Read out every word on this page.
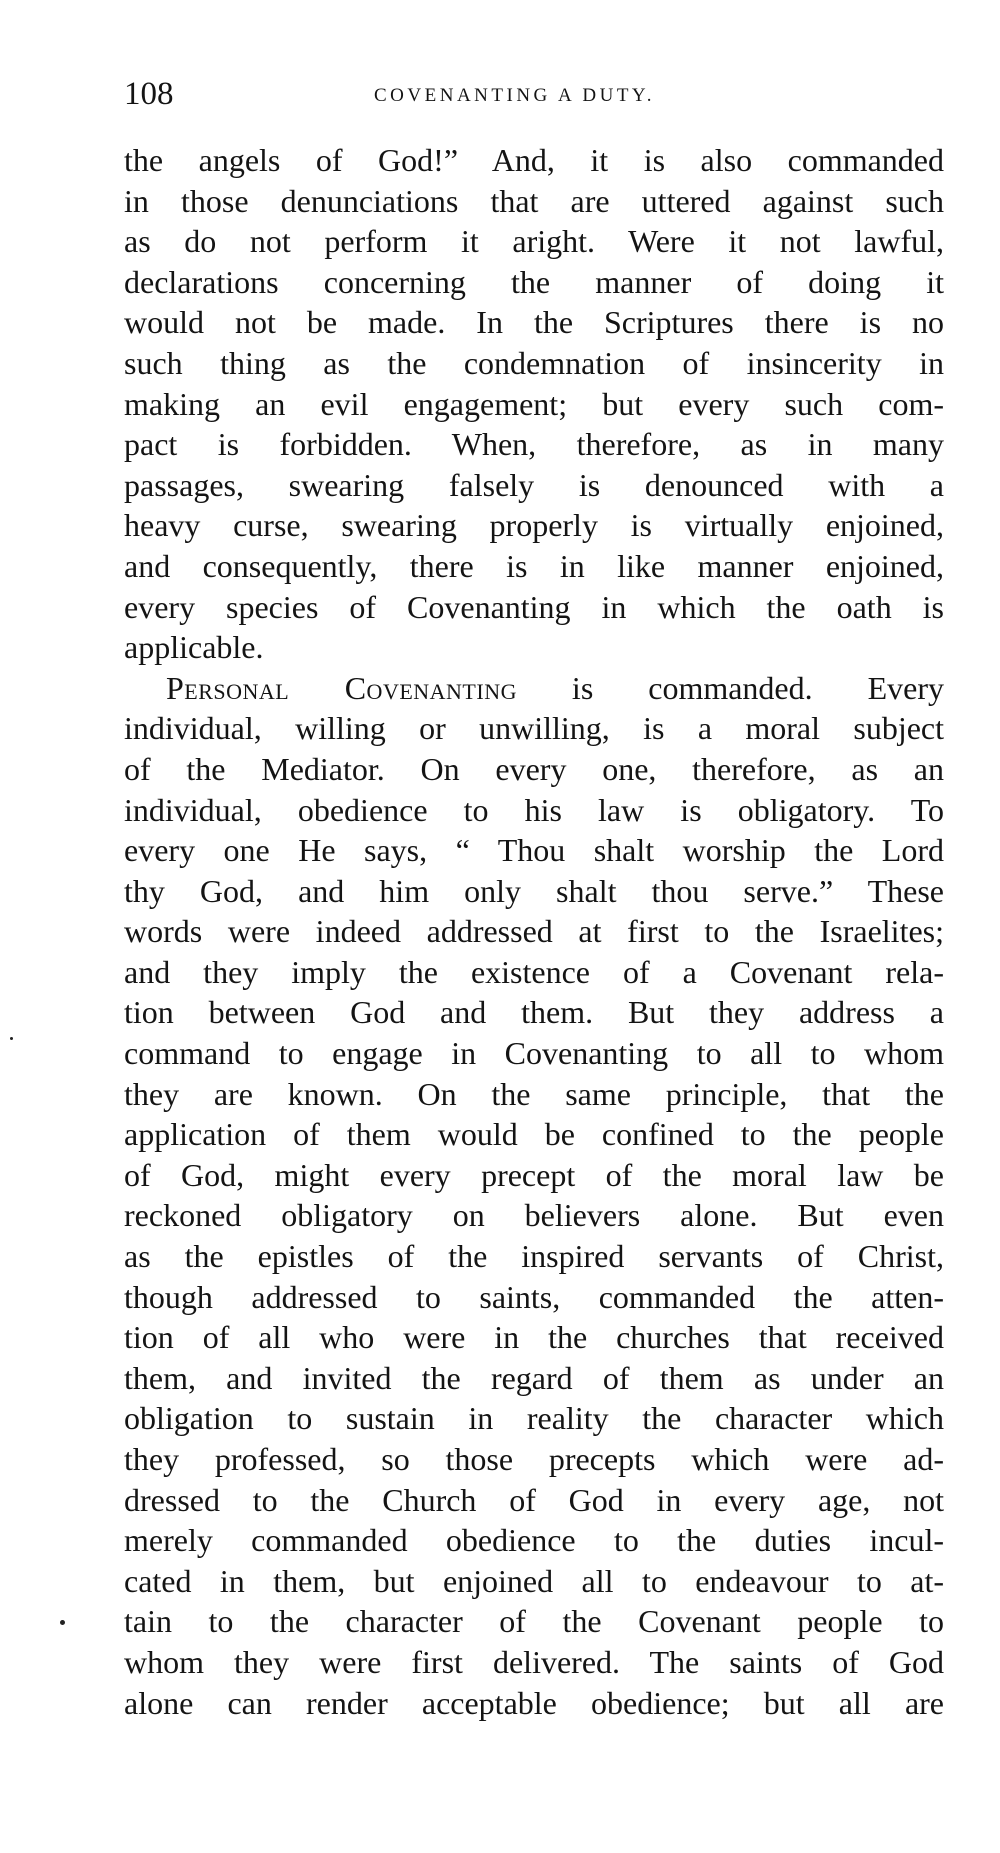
108	COVENANTING A DUTY.
the angels of God!” And, it is also commanded
in those denunciations that are uttered against such
as do not perform it aright. Were it not lawful,
declarations concerning the manner of doing it
would not be made. In the Scriptures there is no
such thing as the condemnation of insincerity in
making an evil engagement; but every such com-
pact is forbidden. When, therefore, as in many
passages, swearing falsely is denounced with a
heavy curse, swearing properly is virtually enjoined,
and consequently, there is in like manner enjoined,
every species of Covenanting in which the oath is
applicable.
Personal Covenanting is commanded. Every
individual, willing or unwilling, is a moral subject
of the Mediator. On every one, therefore, as an
individual, obedience to his law is obligatory. To
every one He says, “ Thou shalt worship the Lord
thy God, and him only shalt thou serve.” These
words were indeed addressed at first to the Israelites;
and they imply the existence of a Covenant rela-
tion between God and them. But they address a
command to engage in Covenanting to all to whom
they are known. On the same principle, that the
application of them would be confined to the people
of God, might every precept of the moral law be
reckoned obligatory on believers alone. But even
as the epistles of the inspired servants of Christ,
though addressed to saints, commanded the atten-
tion of all who were in the churches that received
them, and invited the regard of them as under an
obligation to sustain in reality the character which
they professed, so those precepts which were ad-
dressed to the Church of God in every age, not
merely commanded obedience to the duties incul-
cated in them, but enjoined all to endeavour to at-
tain to the character of the Covenant people to
whom they were first delivered. The saints of God
alone can render acceptable obedience; but all are
